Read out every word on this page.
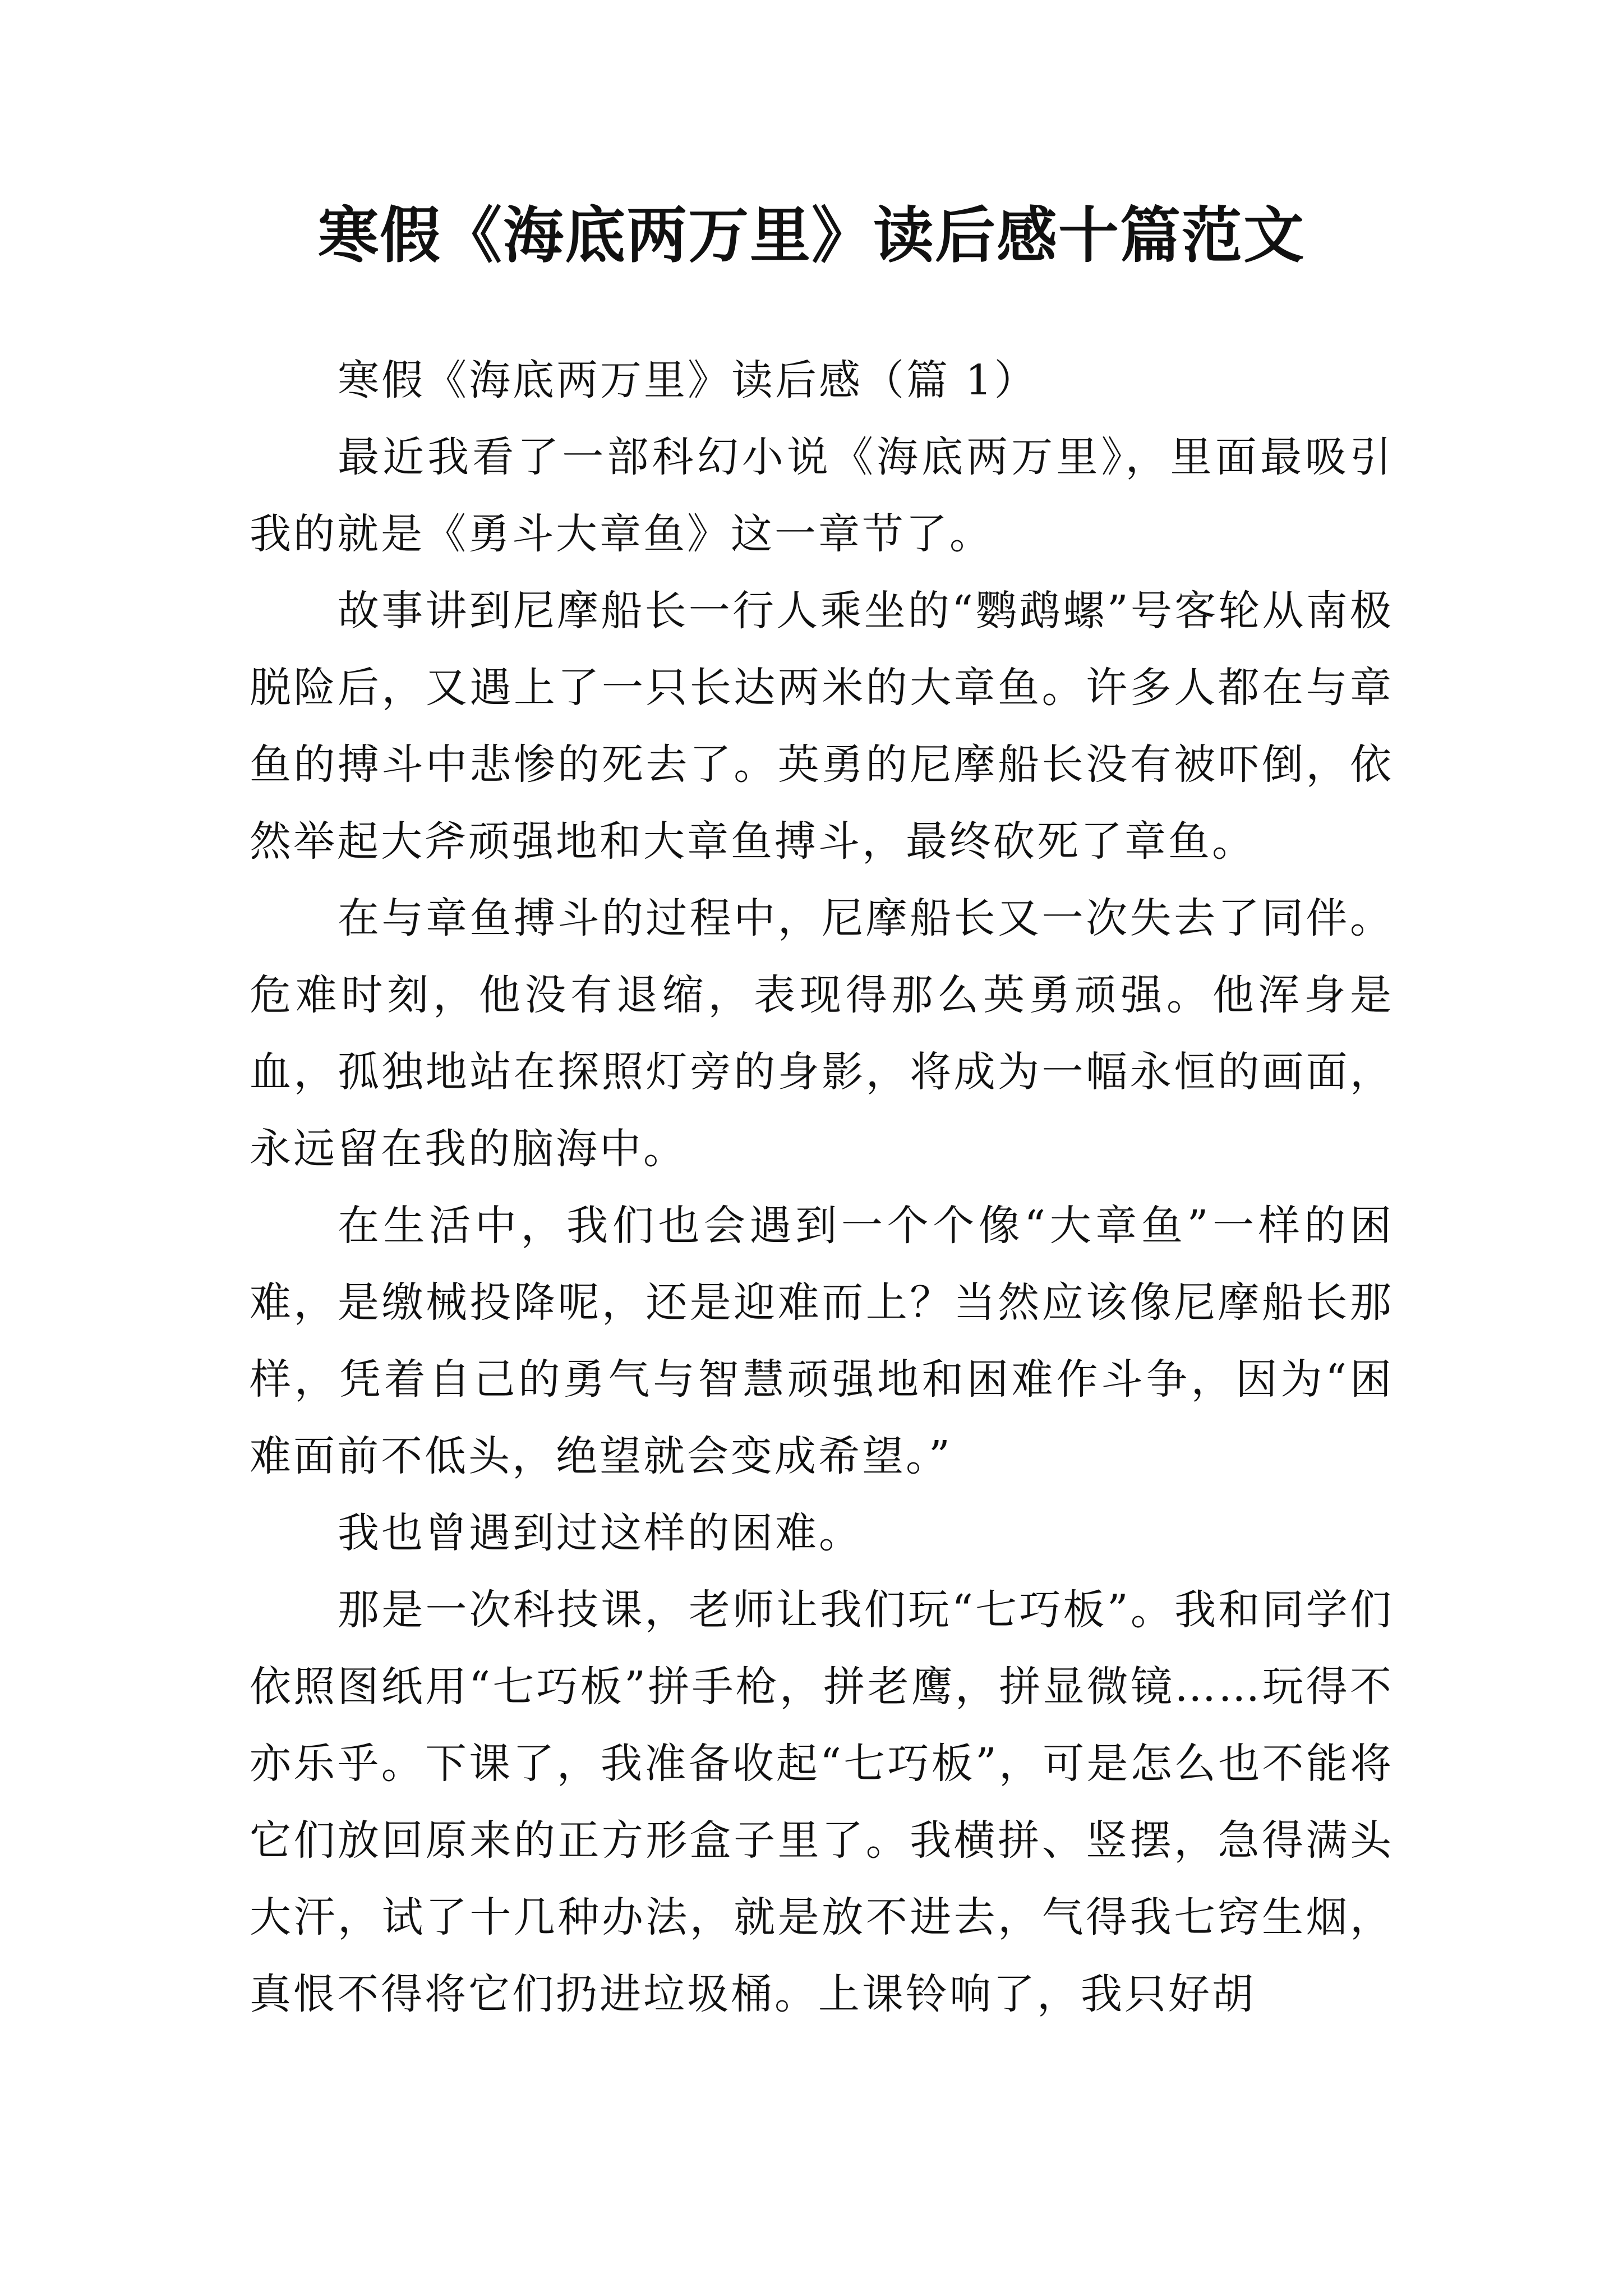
寒假《海底两万里》读后感十篇范文

寒假《海底两万里》读后感（篇 1）

最近我看了一部科幻小说《海底两万里》，里面最吸引我的就是《勇斗大章鱼》这一章节了。

故事讲到尼摩船长一行人乘坐的“鹦鹉螺”号客轮从南极脱险后，又遇上了一只长达两米的大章鱼。许多人都在与章鱼的搏斗中悲惨的死去了。英勇的尼摩船长没有被吓倒，依然举起大斧顽强地和大章鱼搏斗，最终砍死了章鱼。

在与章鱼搏斗的过程中，尼摩船长又一次失去了同伴。危难时刻，他没有退缩，表现得那么英勇顽强。他浑身是血，孤独地站在探照灯旁的身影，将成为一幅永恒的画面，永远留在我的脑海中。

在生活中，我们也会遇到一个个像“大章鱼”一样的困难，是缴械投降呢，还是迎难而上？当然应该像尼摩船长那样，凭着自己的勇气与智慧顽强地和困难作斗争，因为“困难面前不低头，绝望就会变成希望。”

我也曾遇到过这样的困难。

那是一次科技课，老师让我们玩“七巧板”。我和同学们依照图纸用“七巧板”拼手枪，拼老鹰，拼显微镜……玩得不亦乐乎。下课了，我准备收起“七巧板”，可是怎么也不能将它们放回原来的正方形盒子里了。我横拼、竖摆，急得满头大汗，试了十几种办法，就是放不进去，气得我七窍生烟，真恨不得将它们扔进垃圾桶。上课铃响了，我只好胡
